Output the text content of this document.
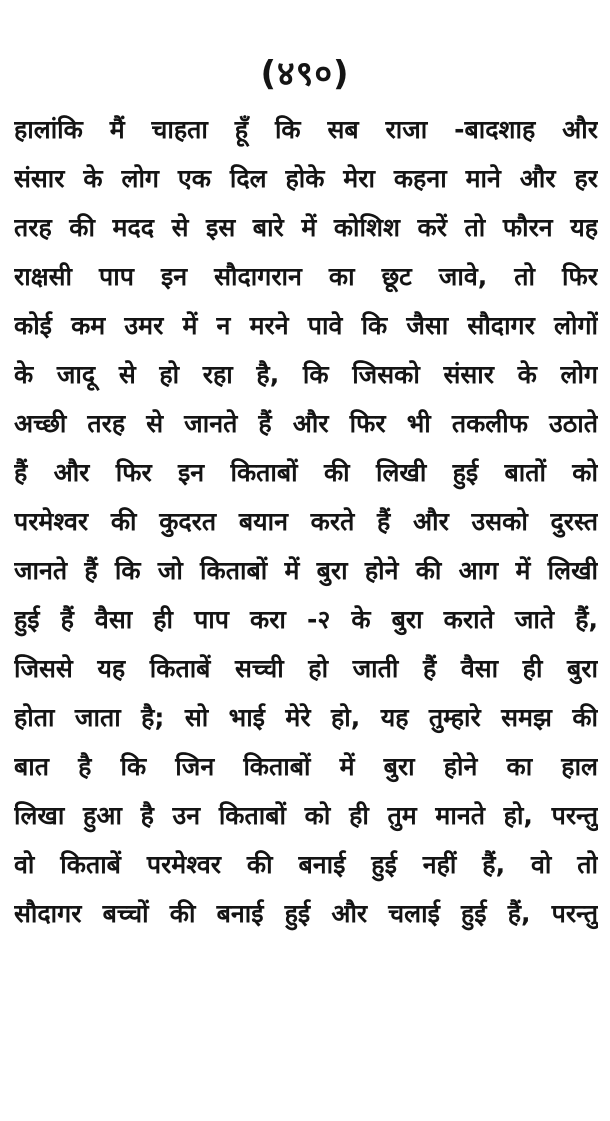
(४९०)
हालांकि मैं चाहता हूँ कि सब राजा -बादशाह और
संसार के लोग एक दिल होके मेरा कहना माने और हर
तरह की मदद से इस बारे में कोशिश करें तो फौरन यह
राक्षसी पाप इन सौदागरान का छूट जावे, तो फिर
कोई कम उमर में न मरने पावे कि जैसा सौदागर लोगों
के जादू से हो रहा है, कि जिसको संसार के लोग
अच्छी तरह से जानते हैं और फिर भी तकलीफ उठाते
हैं और फिर इन किताबों की लिखी हुई बातों को
परमेश्वर की कुदरत बयान करते हैं और उसको दुरस्त
जानते हैं कि जो किताबों में बुरा होने की आग में लिखी
हुई हैं वैसा ही पाप करा -२ के बुरा कराते जाते हैं,
जिससे यह किताबें सच्ची हो जाती हैं वैसा ही बुरा
होता जाता है; सो भाई मेरे हो, यह तुम्हारे समझ की
बात है कि जिन किताबों में बुरा होने का हाल
लिखा हुआ है उन किताबों को ही तुम मानते हो, परन्तु
वो किताबें परमेश्वर की बनाई हुई नहीं हैं, वो तो
सौदागर बच्चों की बनाई हुई और चलाई हुई हैं, परन्तु
